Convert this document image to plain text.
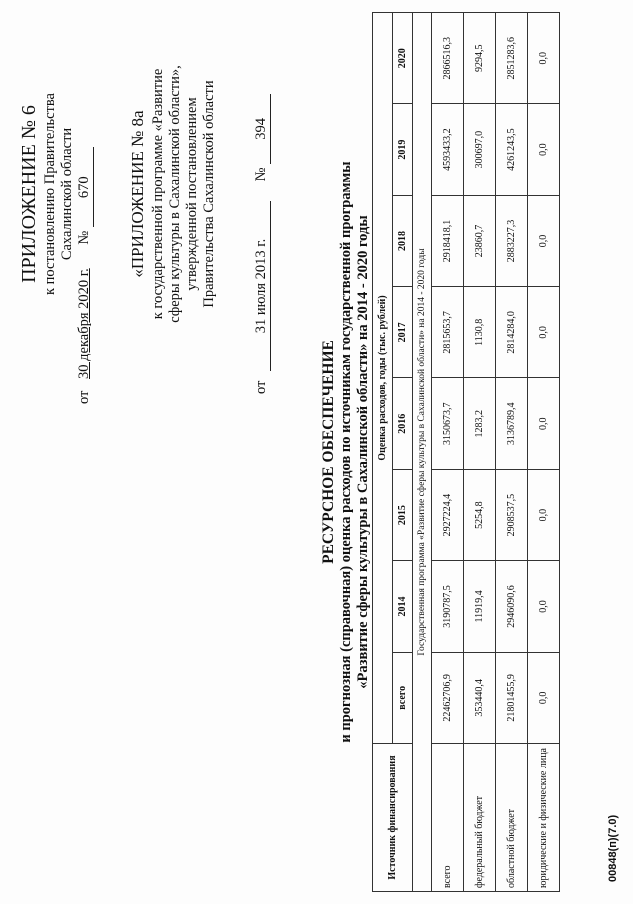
ПРИЛОЖЕНИЕ № 6 к постановлению Правительства Сахалинской области
от 30 декабря 2020 г. № 670 «ПРИЛОЖЕНИЕ № 8а к государственной программе «Развитие сферы культуры в Сахалинской области», утвержденной постановлением Правительства Сахалинской области
от 31 июля 2013 г. № 394
РЕСУРСНОЕ ОБЕСПЕЧЕНИЕ и прогнозная (справочная) оценка расходов по источникам государственной программы «Развитие сферы культуры в Сахалинской области» на 2014 - 2020 годы
Источник финансирования	Оценка расходов, годы (тыс. рублей)							
	всего	2014	2015	2016	2017	2018	2019	2020
Государственная программа «Развитие сферы культуры в Сахалинской области» на 2014 - 2020 годы								
всего	22462706,9	3190787,5	2927224,4	3150673,7	2815653,7	2918418,1	4593433,2	2866516,3
федеральный бюджет	353440,4	11919,4	5254,8	1283,2	1130,8	23860,7	300697,0	9294,5
областной бюджет	21801455,9	2946090,6	2908537,5	3136789,4	2814284,0	2883227,3	4261243,5	2851283,6
юридические и физические лица	0,0	0,0	0,0	0,0	0,0	0,0	0,0	0,0
00848(п)(7.0)
